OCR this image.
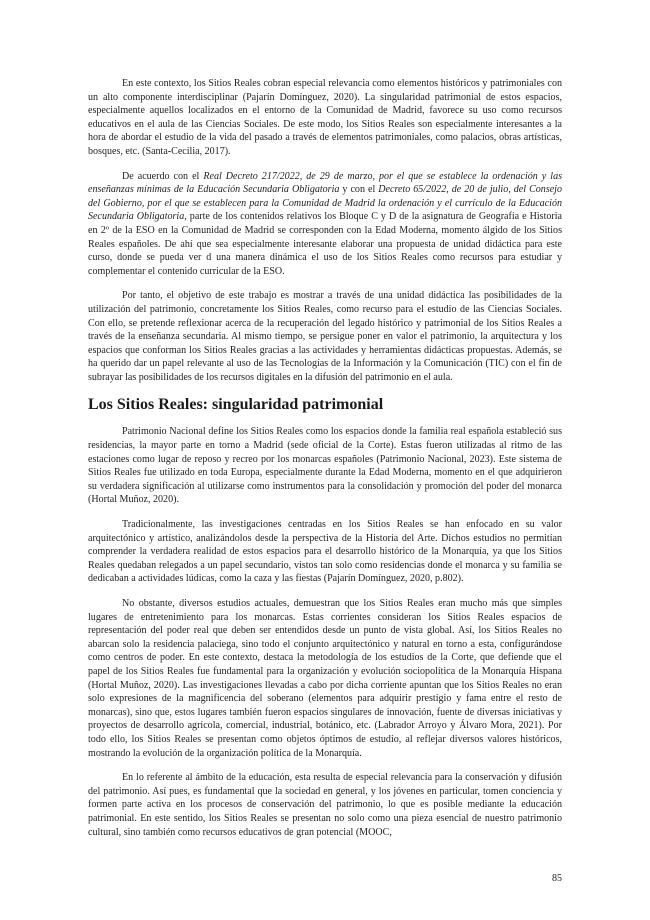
En este contexto, los Sitios Reales cobran especial relevancia como elementos históricos y patrimoniales con un alto componente interdisciplinar (Pajarín Domínguez, 2020). La singularidad patrimonial de estos espacios, especialmente aquellos localizados en el entorno de la Comunidad de Madrid, favorece su uso como recursos educativos en el aula de las Ciencias Sociales. De este modo, los Sitios Reales son especialmente interesantes a la hora de abordar el estudio de la vida del pasado a través de elementos patrimoniales, como palacios, obras artísticas, bosques, etc. (Santa-Cecilia, 2017).

De acuerdo con el Real Decreto 217/2022, de 29 de marzo, por el que se establece la ordenación y las enseñanzas mínimas de la Educación Secundaria Obligatoria y con el Decreto 65/2022, de 20 de julio, del Consejo del Gobierno, por el que se establecen para la Comunidad de Madrid la ordenación y el currículo de la Educación Secundaria Obligatoria, parte de los contenidos relativos los Bloque C y D de la asignatura de Geografía e Historia en 2º de la ESO en la Comunidad de Madrid se corresponden con la Edad Moderna, momento álgido de los Sitios Reales españoles. De ahí que sea especialmente interesante elaborar una propuesta de unidad didáctica para este curso, donde se pueda ver d una manera dinámica el uso de los Sitios Reales como recursos para estudiar y complementar el contenido curricular de la ESO.

Por tanto, el objetivo de este trabajo es mostrar a través de una unidad didáctica las posibilidades de la utilización del patrimonio, concretamente los Sitios Reales, como recurso para el estudio de las Ciencias Sociales. Con ello, se pretende reflexionar acerca de la recuperación del legado histórico y patrimonial de los Sitios Reales a través de la enseñanza secundaria. Al mismo tiempo, se persigue poner en valor el patrimonio, la arquitectura y los espacios que conforman los Sitios Reales gracias a las actividades y herramientas didácticas propuestas. Además, se ha querido dar un papel relevante al uso de las Tecnologías de la Información y la Comunicación (TIC) con el fin de subrayar las posibilidades de los recursos digitales en la difusión del patrimonio en el aula.

Los Sitios Reales: singularidad patrimonial

Patrimonio Nacional define los Sitios Reales como los espacios donde la familia real española estableció sus residencias, la mayor parte en torno a Madrid (sede oficial de la Corte). Estas fueron utilizadas al ritmo de las estaciones como lugar de reposo y recreo por los monarcas españoles (Patrimonio Nacional, 2023). Este sistema de Sitios Reales fue utilizado en toda Europa, especialmente durante la Edad Moderna, momento en el que adquirieron su verdadera significación al utilizarse como instrumentos para la consolidación y promoción del poder del monarca (Hortal Muñoz, 2020).

Tradicionalmente, las investigaciones centradas en los Sitios Reales se han enfocado en su valor arquitectónico y artístico, analizándolos desde la perspectiva de la Historia del Arte. Dichos estudios no permitían comprender la verdadera realidad de estos espacios para el desarrollo histórico de la Monarquía, ya que los Sitios Reales quedaban relegados a un papel secundario, vistos tan solo como residencias donde el monarca y su familia se dedicaban a actividades lúdicas, como la caza y las fiestas (Pajarín Domínguez, 2020, p.802).

No obstante, diversos estudios actuales, demuestran que los Sitios Reales eran mucho más que simples lugares de entretenimiento para los monarcas. Estas corrientes consideran los Sitios Reales espacios de representación del poder real que deben ser entendidos desde un punto de vista global. Así, los Sitios Reales no abarcan solo la residencia palaciega, sino todo el conjunto arquitectónico y natural en torno a esta, configurándose como centros de poder. En este contexto, destaca la metodología de los estudios de la Corte, que defiende que el papel de los Sitios Reales fue fundamental para la organización y evolución sociopolítica de la Monarquía Hispana (Hortal Muñoz, 2020). Las investigaciones llevadas a cabo por dicha corriente apuntan que los Sitios Reales no eran solo expresiones de la magnificencia del soberano (elementos para adquirir prestigio y fama entre el resto de monarcas), sino que, estos lugares también fueron espacios singulares de innovación, fuente de diversas iniciativas y proyectos de desarrollo agrícola, comercial, industrial, botánico, etc. (Labrador Arroyo y Álvaro Mora, 2021). Por todo ello, los Sitios Reales se presentan como objetos óptimos de estudio, al reflejar diversos valores históricos, mostrando la evolución de la organización política de la Monarquía.

En lo referente al ámbito de la educación, esta resulta de especial relevancia para la conservación y difusión del patrimonio. Así pues, es fundamental que la sociedad en general, y los jóvenes en particular, tomen conciencia y formen parte activa en los procesos de conservación del patrimonio, lo que es posible mediante la educación patrimonial. En este sentido, los Sitios Reales se presentan no solo como una pieza esencial de nuestro patrimonio cultural, sino también como recursos educativos de gran potencial (MOOC,

85
